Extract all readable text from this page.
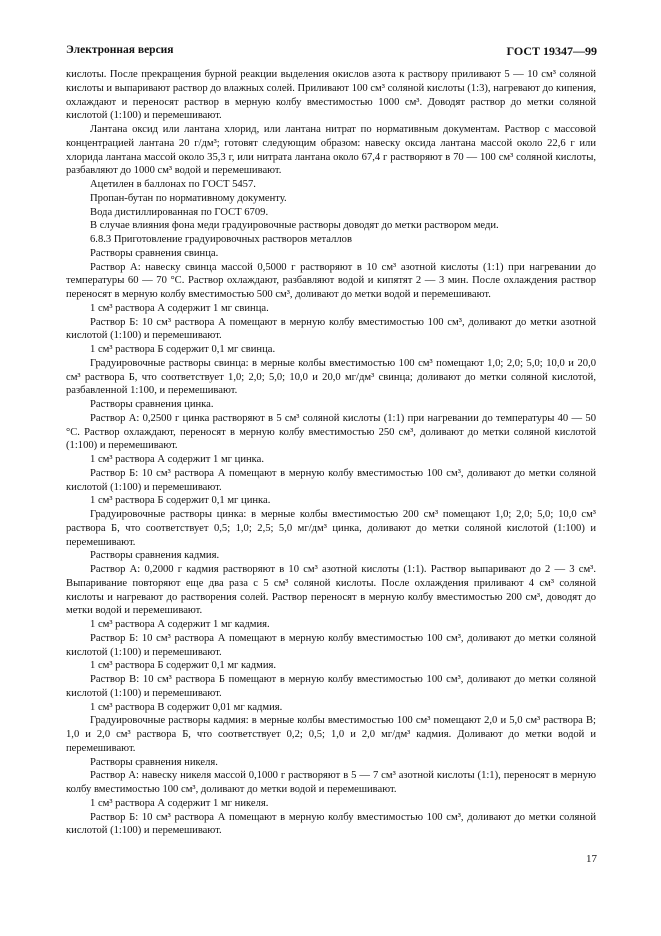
Электронная версия	ГОСТ 19347—99

кислоты. После прекращения бурной реакции выделения окислов азота к раствору приливают 5 — 10 см³ соляной кислоты и выпаривают раствор до влажных солей. Приливают 100 см³ соляной кислоты (1:3), нагревают до кипения, охлаждают и переносят раствор в мерную колбу вместимостью 1000 см³. Доводят раствор до метки соляной кислотой (1:100) и перемешивают.

Лантана оксид или лантана хлорид, или лантана нитрат по нормативным документам. Раствор с массовой концентрацией лантана 20 г/дм³; готовят следующим образом: навеску оксида лантана массой около 22,6 г или хлорида лантана массой около 35,3 г, или нитрата лантана около 67,4 г растворяют в 70 — 100 см³ соляной кислоты, разбавляют до 1000 см³ водой и перемешивают.

Ацетилен в баллонах по ГОСТ 5457.

Пропан-бутан по нормативному документу.

Вода дистиллированная по ГОСТ 6709.

В случае влияния фона меди градуировочные растворы доводят до метки раствором меди.

6.8.3 Приготовление градуировочных растворов металлов

Растворы сравнения свинца.

Раствор А: навеску свинца массой 0,5000 г растворяют в 10 см³ азотной кислоты (1:1) при нагревании до температуры 60 — 70 °С. Раствор охлаждают, разбавляют водой и кипятят 2 — 3 мин. После охлаждения раствор переносят в мерную колбу вместимостью 500 см³, доливают до метки водой и перемешивают.

1 см³ раствора А содержит 1 мг свинца.

Раствор Б: 10 см³ раствора А помещают в мерную колбу вместимостью 100 см³, доливают до метки азотной кислотой (1:100) и перемешивают.

1 см³ раствора Б содержит 0,1 мг свинца.

Градуировочные растворы свинца: в мерные колбы вместимостью 100 см³ помещают 1,0; 2,0; 5,0; 10,0 и 20,0 см³ раствора Б, что соответствует 1,0; 2,0; 5,0; 10,0 и 20,0 мг/дм³ свинца; доливают до метки соляной кислотой, разбавленной 1:100, и перемешивают.

Растворы сравнения цинка.

Раствор А: 0,2500 г цинка растворяют в 5 см³ соляной кислоты (1:1) при нагревании до температуры 40 — 50 °С. Раствор охлаждают, переносят в мерную колбу вместимостью 250 см³, доливают до метки соляной кислотой (1:100) и перемешивают.

1 см³ раствора А содержит 1 мг цинка.

Раствор Б: 10 см³ раствора А помещают в мерную колбу вместимостью 100 см³, доливают до метки соляной кислотой (1:100) и перемешивают.

1 см³ раствора Б содержит 0,1 мг цинка.

Градуировочные растворы цинка: в мерные колбы вместимостью 200 см³ помещают 1,0; 2,0; 5,0; 10,0 см³ раствора Б, что соответствует 0,5; 1,0; 2,5; 5,0 мг/дм³ цинка, доливают до метки соляной кислотой (1:100) и перемешивают.

Растворы сравнения кадмия.

Раствор А: 0,2000 г кадмия растворяют в 10 см³ азотной кислоты (1:1). Раствор выпаривают до 2 — 3 см³. Выпаривание повторяют еще два раза с 5 см³ соляной кислоты. После охлаждения приливают 4 см³ соляной кислоты и нагревают до растворения солей. Раствор переносят в мерную колбу вместимостью 200 см³, доводят до метки водой и перемешивают.

1 см³ раствора А содержит 1 мг кадмия.

Раствор Б: 10 см³ раствора А помещают в мерную колбу вместимостью 100 см³, доливают до метки соляной кислотой (1:100) и перемешивают.

1 см³ раствора Б содержит 0,1 мг кадмия.

Раствор В: 10 см³ раствора Б помещают в мерную колбу вместимостью 100 см³, доливают до метки соляной кислотой (1:100) и перемешивают.

1 см³ раствора В содержит 0,01 мг кадмия.

Градуировочные растворы кадмия: в мерные колбы вместимостью 100 см³ помещают 2,0 и 5,0 см³ раствора В; 1,0 и 2,0 см³ раствора Б, что соответствует 0,2; 0,5; 1,0 и 2,0 мг/дм³ кадмия. Доливают до метки водой и перемешивают.

Растворы сравнения никеля.

Раствор А: навеску никеля массой 0,1000 г растворяют в 5 — 7 см³ азотной кислоты (1:1), переносят в мерную колбу вместимостью 100 см³, доливают до метки водой и перемешивают.

1 см³ раствора А содержит 1 мг никеля.

Раствор Б: 10 см³ раствора А помещают в мерную колбу вместимостью 100 см³, доливают до метки соляной кислотой (1:100) и перемешивают.

17
